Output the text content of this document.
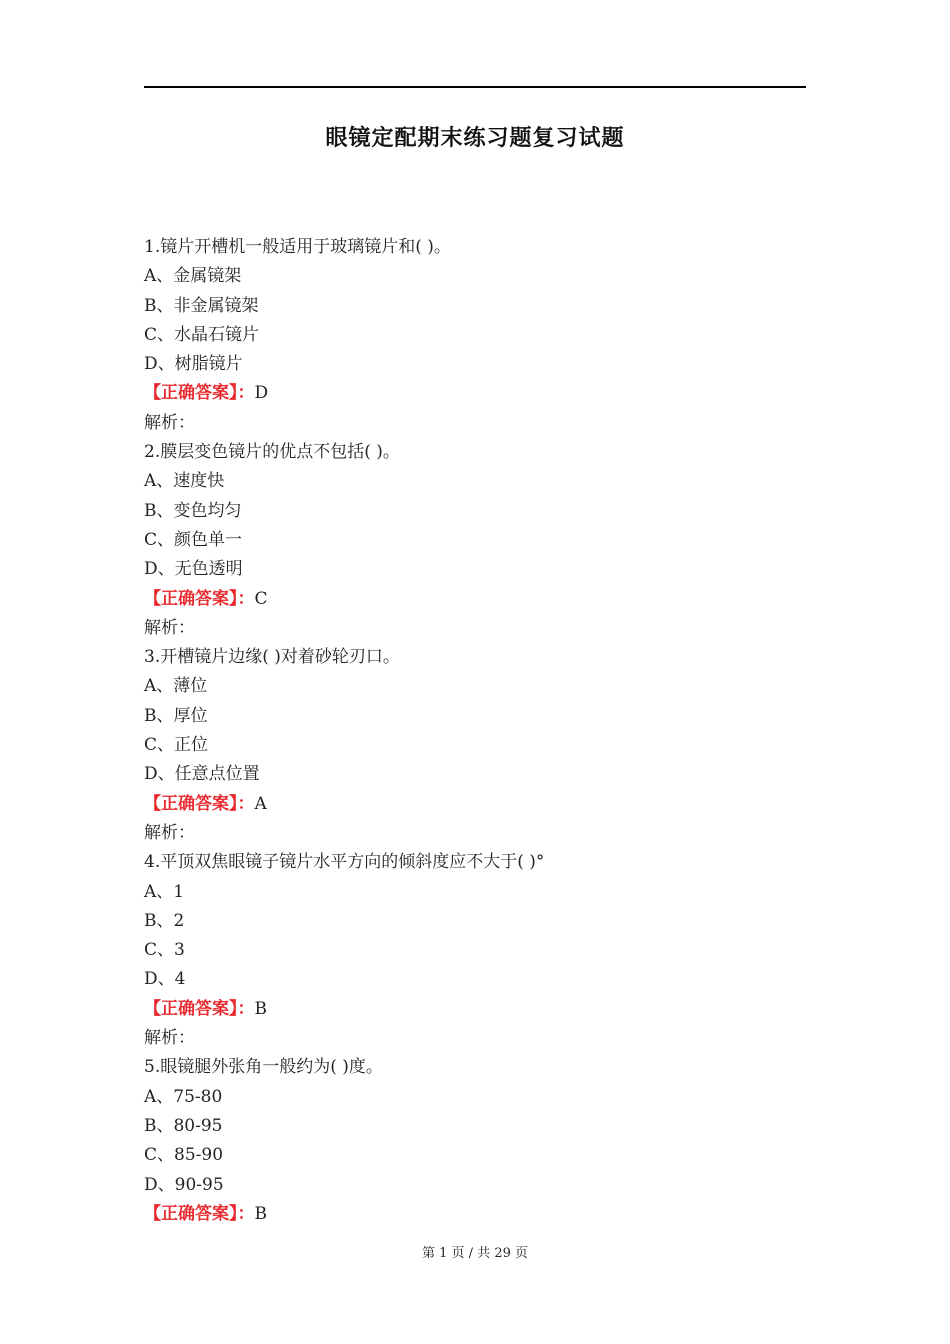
眼镜定配期末练习题复习试题
1.镜片开槽机一般适用于玻璃镜片和( )。
A、金属镜架
B、非金属镜架
C、水晶石镜片
D、树脂镜片
【正确答案】：D
解析：
2.膜层变色镜片的优点不包括( )。
A、速度快
B、变色均匀
C、颜色单一
D、无色透明
【正确答案】：C
解析：
3.开槽镜片边缘( )对着砂轮刃口。
A、薄位
B、厚位
C、正位
D、任意点位置
【正确答案】：A
解析：
4.平顶双焦眼镜子镜片水平方向的倾斜度应不大于( )°
A、1
B、2
C、3
D、4
【正确答案】：B
解析：
5.眼镜腿外张角一般约为( )度。
A、75-80
B、80-95
C、85-90
D、90-95
【正确答案】：B
第 1 页 / 共 29 页
